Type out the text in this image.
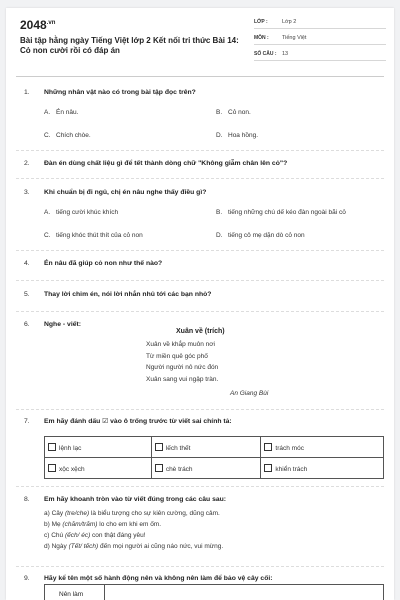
$2048^{.vn}$
Bài tập hằng ngày Tiếng Việt lớp 2 Kết nối tri thức Bài 14: Cỏ non cười rồi có đáp án
LỚP :	Lớp 2
MÔN :	Tiếng Việt
SỐ CÂU :	13
1. Những nhân vật nào có trong bài tập đọc trên?
A. Én nâu.	B. Cỏ non.
C. Chích chòe.	D. Hoa hồng.
2. Đàn én dùng chất liệu gì để tết thành dòng chữ "Không giẫm chân lên cỏ"?
3. Khi chuẩn bị đi ngủ, chị én nâu nghe thấy điều gì?
A. tiếng cười khúc khích	B. tiếng những chú dế kéo đàn ngoài bãi cỏ
C. tiếng khóc thút thít của cỏ non	D. tiếng cô mẹ dặn dò cỏ non
4. Én nâu đã giúp cỏ non như thế nào?
5. Thay lời chim én, nói lời nhắn nhủ tới các bạn nhỏ?
6. Nghe - viết:
Xuân về (trích)
Xuân về khắp muôn nơi
Từ miền quê góc phố
Người người nô nức đón
Xuân sang vui ngập tràn.
An Giang Bùi
7. Em hãy đánh dấu ☑ vào ô trống trước từ viết sai chính tả:
lệnh lạc	lếch thết	trách móc
xộc xệch	chè trách	khiển trách
8. Em hãy khoanh tròn vào từ viết đúng trong các câu sau:
a) Cây (tre/che) là biểu tượng cho sự kiên cường, dũng cảm.
b) Mẹ (chăm/trăm) lo cho em khi em ốm.
c) Chú (ếch/ éc) con thật đáng yêu!
d) Ngày (Tết/ tếch) đến mọi người ai cũng náo nức, vui mừng.
9. Hãy kể tên một số hành động nên và không nên làm để bảo vệ cây cối:
Nên làm	
